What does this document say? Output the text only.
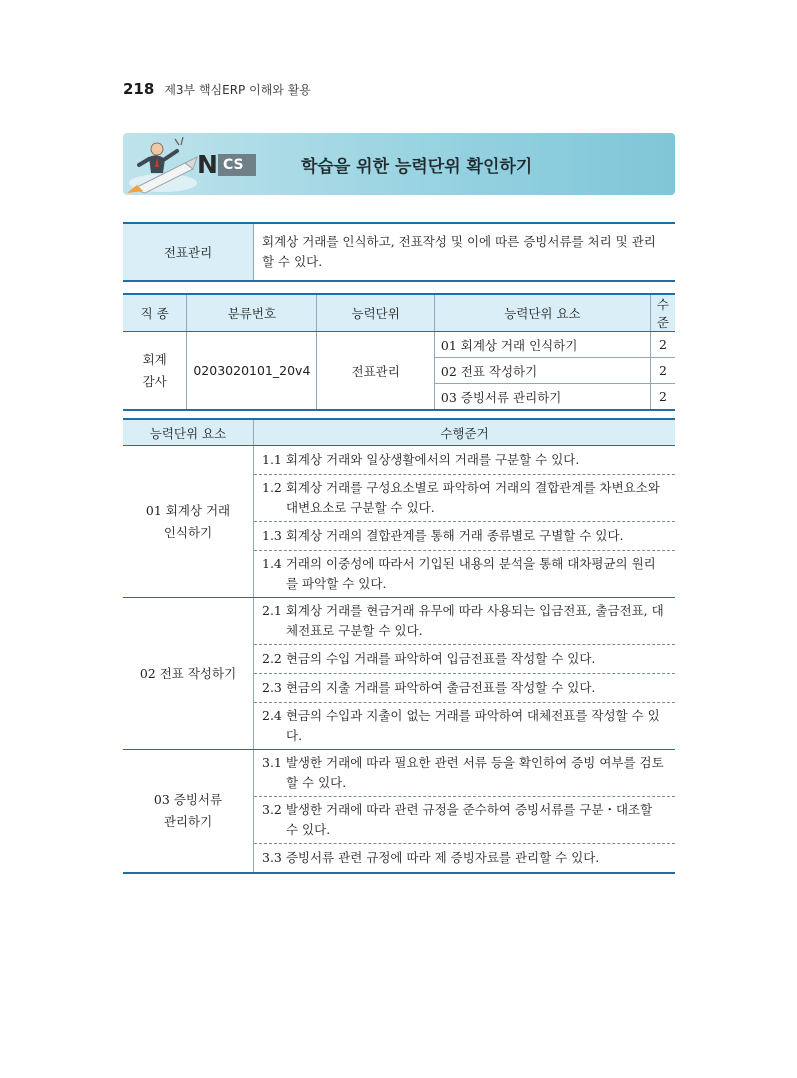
218 제3부 핵심ERP 이해와 활용
N CS	학습을 위한 능력단위 확인하기
전표관리	회계상 거래를 인식하고, 전표작성 및 이에 따른 증빙서류를 처리 및 관리할 수 있다.
직 종	분류번호	능력단위	능력단위 요소	수 준

회계
감사	0203020101_20v4	전표관리	01 회계상 거래 인식하기	2
			02 전표 작성하기	2
			03 증빙서류 관리하기	2
능력단위 요소	수행준거

01 회계상 거래
인식하기	1.1 회계상 거래와 일상생활에서의 거래를 구분할 수 있다.

	1.2 회계상 거래를 구성요소별로 파악하여 거래의 결합관계를 차변요소와 대변요소로 구분할 수 있다.

	1.3 회계상 거래의 결합관계를 통해 거래 종류별로 구별할 수 있다.

	1.4 거래의 이중성에 따라서 기입된 내용의 분석을 통해 대차평균의 원리를 파악할 수 있다.

02 전표 작성하기	2.1 회계상 거래를 현금거래 유무에 따라 사용되는 입금전표, 출금전표, 대체전표로 구분할 수 있다.

	2.2 현금의 수입 거래를 파악하여 입금전표를 작성할 수 있다.

	2.3 현금의 지출 거래를 파악하여 출금전표를 작성할 수 있다.

	2.4 현금의 수입과 지출이 없는 거래를 파악하여 대체전표를 작성할 수 있다.

03 증빙서류
관리하기	3.1 발생한 거래에 따라 필요한 관련 서류 등을 확인하여 증빙 여부를 검토할 수 있다.

	3.2 발생한 거래에 따라 관련 규정을 준수하여 증빙서류를 구분・대조할 수 있다.

	3.3 증빙서류 관련 규정에 따라 제 증빙자료를 관리할 수 있다.
